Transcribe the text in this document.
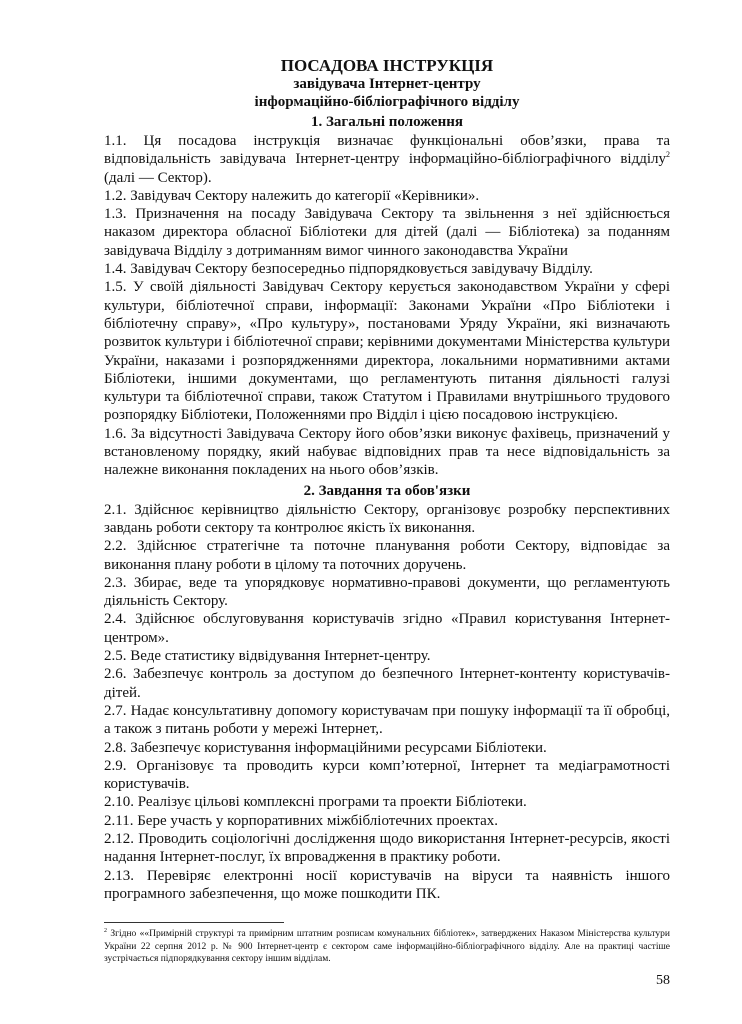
ПОСАДОВА ІНСТРУКЦІЯ

завідувача Інтернет-центру

інформаційно-бібліографічного відділу

1. Загальні положення

1.1. Ця посадова інструкція визначає функціональні обов’язки, права та відповідальність завідувача Інтернет-центру інформаційно-бібліографічного відділу$^2$ (далі — Сектор).

1.2. Завідувач Сектору належить до категорії «Керівники».

1.3. Призначення на посаду Завідувача Сектору та звільнення з неї здійснюється наказом директора обласної Бібліотеки для дітей (далі — Бібліотека) за поданням завідувача Відділу з дотриманням вимог чинного законодавства України

1.4. Завідувач Сектору безпосередньо підпорядковується завідувачу Відділу.

1.5. У своїй діяльності Завідувач Сектору керується законодавством України у сфері культури, бібліотечної справи, інформації: Законами України «Про Бібліотеки і бібліотечну справу», «Про культуру», постановами Уряду України, які визначають розвиток культури і бібліотечної справи; керівними документами Міністерства культури України, наказами і розпорядженнями директора, локальними нормативними актами Бібліотеки, іншими документами, що регламентують питання діяльності галузі культури та бібліотечної справи, також Статутом і Правилами внутрішнього трудового розпорядку Бібліотеки, Положеннями про Відділ і цією посадовою інструкцією.

1.6. За відсутності Завідувача Сектору його обов’язки виконує фахівець, призначений у встановленому порядку, який набуває відповідних прав та несе відповідальність за належне виконання покладених на нього обов’язків.

2. Завдання та обов'язки

2.1. Здійснює керівництво діяльністю Сектору, організовує розробку перспективних завдань роботи сектору та контролює якість їх виконання.

2.2. Здійснює стратегічне та поточне планування роботи Сектору, відповідає за виконання плану роботи в цілому та поточних доручень.

2.3. Збирає, веде та упорядковує нормативно-правові документи, що регламентують діяльність Сектору.

2.4. Здійснює обслуговування користувачів згідно «Правил користування Інтернет-центром».

2.5. Веде статистику відвідування Інтернет-центру.

2.6. Забезпечує контроль за доступом до безпечного Інтернет-контенту користувачів-дітей.

2.7. Надає консультативну допомогу користувачам при пошуку інформації та її обробці, а також з питань роботи у мережі Інтернет,.

2.8. Забезпечує користування інформаційними ресурсами Бібліотеки.

2.9. Організовує та проводить курси комп’ютерної, Інтернет та медіаграмотності користувачів.

2.10. Реалізує цільові комплексні програми та проекти Бібліотеки.

2.11. Бере участь у корпоративних міжбібліотечних проектах.

2.12. Проводить соціологічні дослідження щодо використання Інтернет-ресурсів, якості надання Інтернет-послуг, їх впровадження в практику роботи.

2.13. Перевіряє електронні носії користувачів на віруси та наявність іншого програмного забезпечення, що може пошкодити ПК.

$^2$ Згідно ««Примірній структурі та примірним штатним розписам комунальних бібліотек», затверджених Наказом Міністерства культури України 22 серпня 2012 р. № 900 Інтернет-центр є сектором саме інформаційно-бібліографічного відділу. Але на практиці частіше зустрічається підпорядкування сектору іншим відділам.
58
